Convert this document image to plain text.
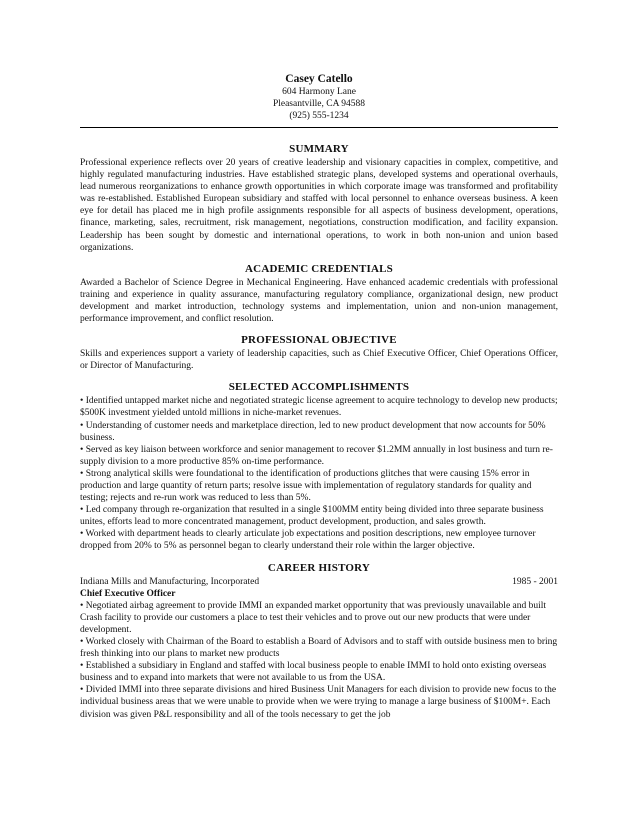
Casey Catello
604 Harmony Lane
Pleasantville, CA 94588
(925) 555-1234
SUMMARY

Professional experience reflects over 20 years of creative leadership and visionary capacities in complex, competitive, and highly regulated manufacturing industries. Have established strategic plans, developed systems and operational overhauls, lead numerous reorganizations to enhance growth opportunities in which corporate image was transformed and profitability was re-established. Established European subsidiary and staffed with local personnel to enhance overseas business. A keen eye for detail has placed me in high profile assignments responsible for all aspects of business development, operations, finance, marketing, sales, recruitment, risk management, negotiations, construction modification, and facility expansion. Leadership has been sought by domestic and international operations, to work in both non-union and union based organizations.

ACADEMIC CREDENTIALS

Awarded a Bachelor of Science Degree in Mechanical Engineering. Have enhanced academic credentials with professional training and experience in quality assurance, manufacturing regulatory compliance, organizational design, new product development and market introduction, technology systems and implementation, union and non-union management, performance improvement, and conflict resolution.

PROFESSIONAL OBJECTIVE

Skills and experiences support a variety of leadership capacities, such as Chief Executive Officer, Chief Operations Officer, or Director of Manufacturing.

SELECTED ACCOMPLISHMENTS
• Identified untapped market niche and negotiated strategic license agreement to acquire technology to develop new products; $500K investment yielded untold millions in niche-market revenues.
• Understanding of customer needs and marketplace direction, led to new product development that now accounts for 50% business.
• Served as key liaison between workforce and senior management to recover $1.2MM annually in lost business and turn re-supply division to a more productive 85% on-time performance.
• Strong analytical skills were foundational to the identification of productions glitches that were causing 15% error in production and large quantity of return parts; resolve issue with implementation of regulatory standards for quality and testing; rejects and re-run work was reduced to less than 5%.
• Led company through re-organization that resulted in a single $100MM entity being divided into three separate business unites, efforts lead to more concentrated management, product development, production, and sales growth.
• Worked with department heads to clearly articulate job expectations and position descriptions, new employee turnover dropped from 20% to 5% as personnel began to clearly understand their role within the larger objective.
CAREER HISTORY
Indiana Mills and Manufacturing, Incorporated	1985 - 2001
Chief Executive Officer
• Negotiated airbag agreement to provide IMMI an expanded market opportunity that was previously unavailable and built Crash facility to provide our customers a place to test their vehicles and to prove out our new products that were under development.
• Worked closely with Chairman of the Board to establish a Board of Advisors and to staff with outside business men to bring fresh thinking into our plans to market new products
• Established a subsidiary in England and staffed with local business people to enable IMMI to hold onto existing overseas business and to expand into markets that were not available to us from the USA.
• Divided IMMI into three separate divisions and hired Business Unit Managers for each division to provide new focus to the individual business areas that we were unable to provide when we were trying to manage a large business of $100M+. Each division was given P&L responsibility and all of the tools necessary to get the job
